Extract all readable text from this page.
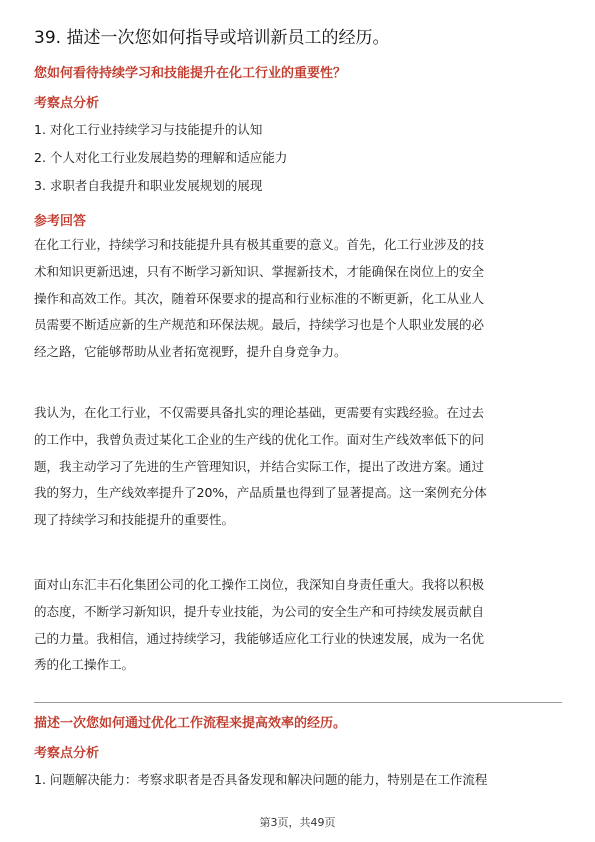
39. 描述一次您如何指导或培训新员工的经历。
您如何看待持续学习和技能提升在化工行业的重要性？
考察点分析
1. 对化工行业持续学习与技能提升的认知
2. 个人对化工行业发展趋势的理解和适应能力
3. 求职者自我提升和职业发展规划的展现
参考回答
在化工行业，持续学习和技能提升具有极其重要的意义。首先，化工行业涉及的技
术和知识更新迅速，只有不断学习新知识、掌握新技术，才能确保在岗位上的安全
操作和高效工作。其次，随着环保要求的提高和行业标准的不断更新，化工从业人
员需要不断适应新的生产规范和环保法规。最后，持续学习也是个人职业发展的必
经之路，它能够帮助从业者拓宽视野，提升自身竞争力。
我认为，在化工行业，不仅需要具备扎实的理论基础，更需要有实践经验。在过去
的工作中，我曾负责过某化工企业的生产线的优化工作。面对生产线效率低下的问
题，我主动学习了先进的生产管理知识，并结合实际工作，提出了改进方案。通过
我的努力，生产线效率提升了20%，产品质量也得到了显著提高。这一案例充分体
现了持续学习和技能提升的重要性。
面对山东汇丰石化集团公司的化工操作工岗位，我深知自身责任重大。我将以积极
的态度，不断学习新知识，提升专业技能，为公司的安全生产和可持续发展贡献自
己的力量。我相信，通过持续学习，我能够适应化工行业的快速发展，成为一名优
秀的化工操作工。
描述一次您如何通过优化工作流程来提高效率的经历。
考察点分析
1. 问题解决能力：考察求职者是否具备发现和解决问题的能力，特别是在工作流程
第3页，共49页
